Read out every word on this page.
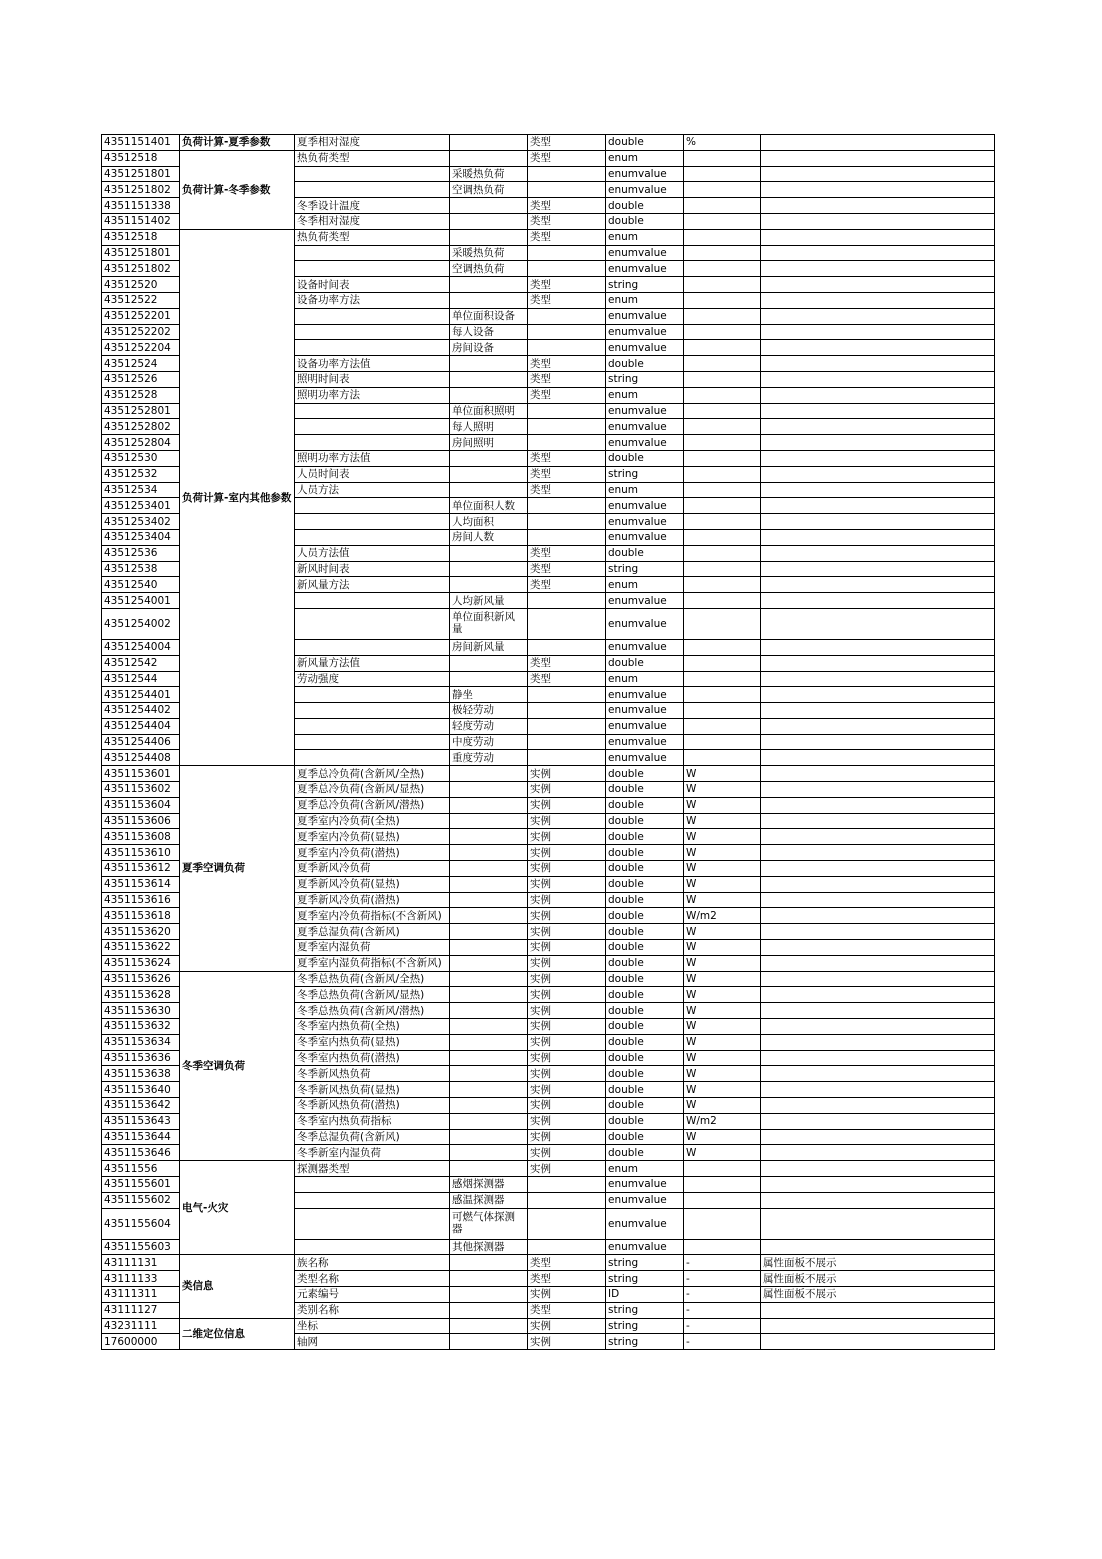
4351151401	负荷计算-夏季参数	夏季相对湿度		类型	double	%	
43512518	负荷计算-冬季参数	热负荷类型		类型	enum		
4351251801			采暖热负荷		enumvalue		
4351251802			空调热负荷		enumvalue		
4351151338		冬季设计温度		类型	double		
4351151402		冬季相对湿度		类型	double		
43512518	负荷计算-室内其他参数	热负荷类型		类型	enum		
4351251801			采暖热负荷		enumvalue		
4351251802			空调热负荷		enumvalue		
43512520		设备时间表		类型	string		
43512522		设备功率方法		类型	enum		
4351252201			单位面积设备		enumvalue		
4351252202			每人设备		enumvalue		
4351252204			房间设备		enumvalue		
43512524		设备功率方法值		类型	double		
43512526		照明时间表		类型	string		
43512528		照明功率方法		类型	enum		
4351252801			单位面积照明		enumvalue		
4351252802			每人照明		enumvalue		
4351252804			房间照明		enumvalue		
43512530		照明功率方法值		类型	double		
43512532		人员时间表		类型	string		
43512534		人员方法		类型	enum		
4351253401			单位面积人数		enumvalue		
4351253402			人均面积		enumvalue		
4351253404			房间人数		enumvalue		
43512536		人员方法值		类型	double		
43512538		新风时间表		类型	string		
43512540		新风量方法		类型	enum		
4351254001			人均新风量		enumvalue		
4351254002			单位面积新风量		enumvalue		
4351254004			房间新风量		enumvalue		
43512542		新风量方法值		类型	double		
43512544		劳动强度		类型	enum		
4351254401			静坐		enumvalue		
4351254402			极轻劳动		enumvalue		
4351254404			轻度劳动		enumvalue		
4351254406			中度劳动		enumvalue		
4351254408			重度劳动		enumvalue		
4351153601	夏季空调负荷	夏季总冷负荷(含新风/全热)		实例	double	W	
4351153602		夏季总冷负荷(含新风/显热)		实例	double	W	
4351153604		夏季总冷负荷(含新风/潜热)		实例	double	W	
4351153606		夏季室内冷负荷(全热)		实例	double	W	
4351153608		夏季室内冷负荷(显热)		实例	double	W	
4351153610		夏季室内冷负荷(潜热)		实例	double	W	
4351153612		夏季新风冷负荷		实例	double	W	
4351153614		夏季新风冷负荷(显热)		实例	double	W	
4351153616		夏季新风冷负荷(潜热)		实例	double	W	
4351153618		夏季室内冷负荷指标(不含新风)		实例	double	W/m2	
4351153620		夏季总湿负荷(含新风)		实例	double	W	
4351153622		夏季室内湿负荷		实例	double	W	
4351153624		夏季室内湿负荷指标(不含新风)		实例	double	W	
4351153626	冬季空调负荷	冬季总热负荷(含新风/全热)		实例	double	W	
4351153628		冬季总热负荷(含新风/显热)		实例	double	W	
4351153630		冬季总热负荷(含新风/潜热)		实例	double	W	
4351153632		冬季室内热负荷(全热)		实例	double	W	
4351153634		冬季室内热负荷(显热)		实例	double	W	
4351153636		冬季室内热负荷(潜热)		实例	double	W	
4351153638		冬季新风热负荷		实例	double	W	
4351153640		冬季新风热负荷(显热)		实例	double	W	
4351153642		冬季新风热负荷(潜热)		实例	double	W	
4351153643		冬季室内热负荷指标		实例	double	W/m2	
4351153644		冬季总湿负荷(含新风)		实例	double	W	
4351153646		冬季新室内湿负荷		实例	double	W	
43511556	电气-火灾	探测器类型		实例	enum		
4351155601			感烟探测器		enumvalue		
4351155602			感温探测器		enumvalue		
4351155604			可燃气体探测器		enumvalue		
4351155603			其他探测器		enumvalue		
43111131	类信息	族名称		类型	string	-	属性面板不展示
43111133		类型名称		类型	string	-	属性面板不展示
43111311		元素编号		实例	ID	-	属性面板不展示
43111127		类别名称		类型	string	-	
43231111	二维定位信息	坐标		实例	string	-	
17600000		轴网		实例	string	-	
